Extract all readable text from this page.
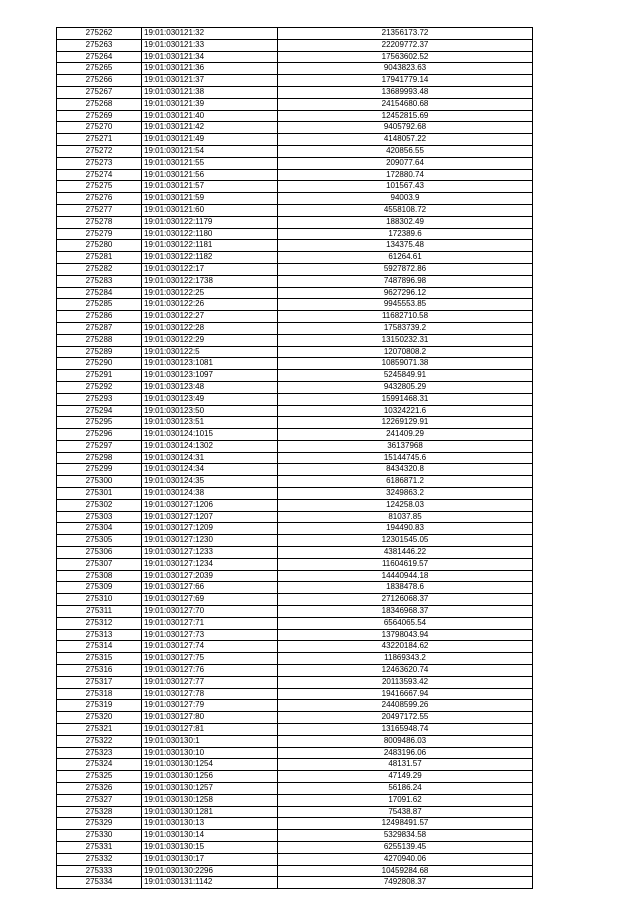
275262	19:01:030121:32	21356173.72
275263	19:01:030121:33	22209772.37
275264	19:01:030121:34	17563602.52
275265	19:01:030121:36	9043823.63
275266	19:01:030121:37	17941779.14
275267	19:01:030121:38	13689993.48
275268	19:01:030121:39	24154680.68
275269	19:01:030121:40	12452815.69
275270	19:01:030121:42	9405792.68
275271	19:01:030121:49	4148057.22
275272	19:01:030121:54	420856.55
275273	19:01:030121:55	209077.64
275274	19:01:030121:56	172880.74
275275	19:01:030121:57	101567.43
275276	19:01:030121:59	94003.9
275277	19:01:030121:60	4558108.72
275278	19:01:030122:1179	188302.49
275279	19:01:030122:1180	172389.6
275280	19:01:030122:1181	134375.48
275281	19:01:030122:1182	61264.61
275282	19:01:030122:17	5927872.86
275283	19:01:030122:1738	7487896.98
275284	19:01:030122:25	9627296.12
275285	19:01:030122:26	9945553.85
275286	19:01:030122:27	11682710.58
275287	19:01:030122:28	17583739.2
275288	19:01:030122:29	13150232.31
275289	19:01:030122:5	12070808.2
275290	19:01:030123:1081	10859071.38
275291	19:01:030123:1097	5245849.91
275292	19:01:030123:48	9432805.29
275293	19:01:030123:49	15991468.31
275294	19:01:030123:50	10324221.6
275295	19:01:030123:51	12269129.91
275296	19:01:030124:1015	241409.29
275297	19:01:030124:1302	36137968
275298	19:01:030124:31	15144745.6
275299	19:01:030124:34	8434320.8
275300	19:01:030124:35	6186871.2
275301	19:01:030124:38	3249863.2
275302	19:01:030127:1206	124258.03
275303	19:01:030127:1207	81037.85
275304	19:01:030127:1209	194490.83
275305	19:01:030127:1230	12301545.05
275306	19:01:030127:1233	4381446.22
275307	19:01:030127:1234	11604619.57
275308	19:01:030127:2039	14440944.18
275309	19:01:030127:66	1838478.6
275310	19:01:030127:69	27126068.37
275311	19:01:030127:70	18346968.37
275312	19:01:030127:71	6564065.54
275313	19:01:030127:73	13798043.94
275314	19:01:030127:74	43220184.62
275315	19:01:030127:75	11869343.2
275316	19:01:030127:76	12463620.74
275317	19:01:030127:77	20113593.42
275318	19:01:030127:78	19416667.94
275319	19:01:030127:79	24408599.26
275320	19:01:030127:80	20497172.55
275321	19:01:030127:81	13165948.74
275322	19:01:030130:1	8009486.03
275323	19:01:030130:10	2483196.06
275324	19:01:030130:1254	48131.57
275325	19:01:030130:1256	47149.29
275326	19:01:030130:1257	56186.24
275327	19:01:030130:1258	17091.62
275328	19:01:030130:1281	75438.87
275329	19:01:030130:13	12498491.57
275330	19:01:030130:14	5329834.58
275331	19:01:030130:15	6255139.45
275332	19:01:030130:17	4270940.06
275333	19:01:030130:2296	10459284.68
275334	19:01:030131:1142	7492808.37
